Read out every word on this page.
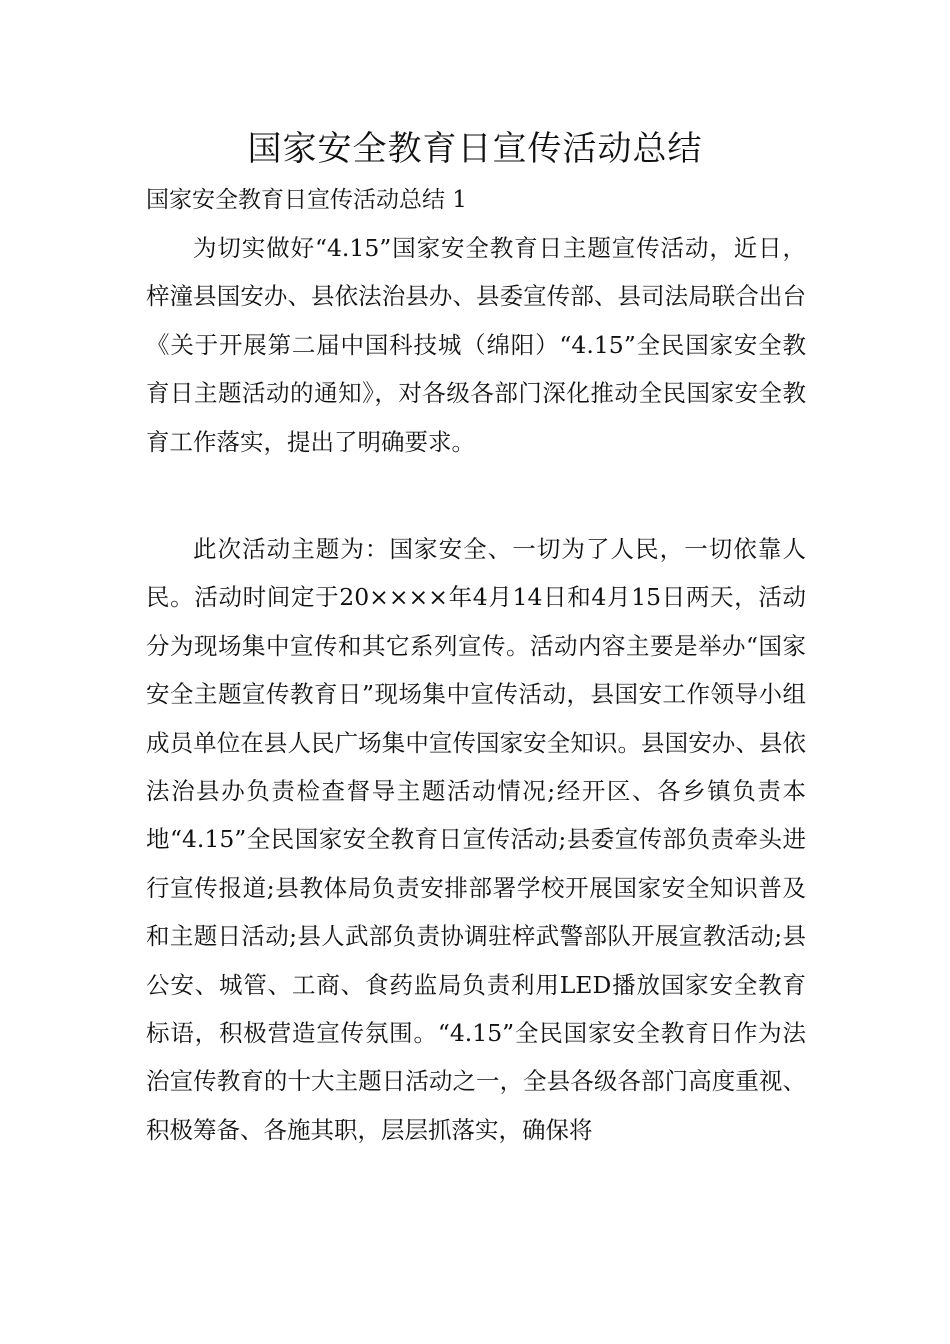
国家安全教育日宣传活动总结

国家安全教育日宣传活动总结 1

为切实做好“4.15”国家安全教育日主题宣传活动，近日，梓潼县国安办、县依法治县办、县委宣传部、县司法局联合出台《关于开展第二届中国科技城（绵阳）“4.15”全民国家安全教育日主题活动的通知》，对各级各部门深化推动全民国家安全教育工作落实，提出了明确要求。

此次活动主题为：国家安全、一切为了人民，一切依靠人民。活动时间定于20××××年4月14日和4月15日两天，活动分为现场集中宣传和其它系列宣传。活动内容主要是举办“国家安全主题宣传教育日”现场集中宣传活动，县国安工作领导小组成员单位在县人民广场集中宣传国家安全知识。县国安办、县依法治县办负责检查督导主题活动情况;经开区、各乡镇负责本地“4.15”全民国家安全教育日宣传活动;县委宣传部负责牵头进行宣传报道;县教体局负责安排部署学校开展国家安全知识普及和主题日活动;县人武部负责协调驻梓武警部队开展宣教活动;县公安、城管、工商、食药监局负责利用LED播放国家安全教育标语，积极营造宣传氛围。“4.15”全民国家安全教育日作为法治宣传教育的十大主题日活动之一，全县各级各部门高度重视、积极筹备、各施其职，层层抓落实，确保将
